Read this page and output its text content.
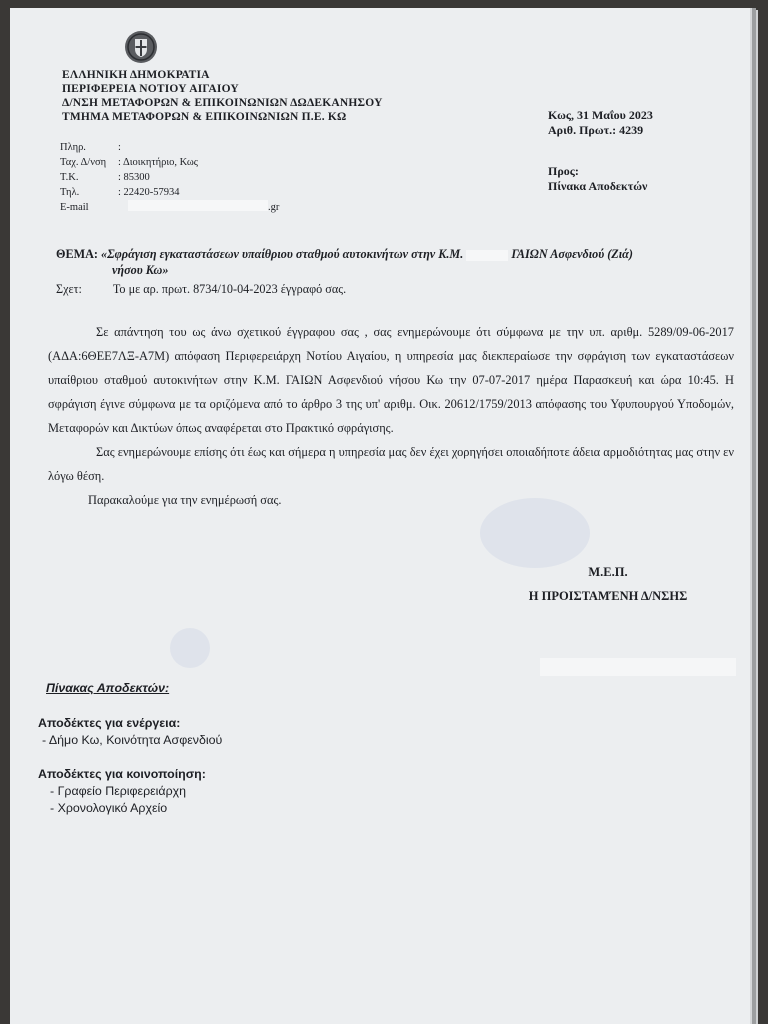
ΕΛΛΗΝΙΚΗ ΔΗΜΟΚΡΑΤΙΑ
ΠΕΡΙΦΕΡΕΙΑ ΝΟΤΙΟΥ ΑΙΓΑΙΟΥ
Δ/ΝΣΗ ΜΕΤΑΦΟΡΩΝ & ΕΠΙΚΟΙΝΩΝΙΩΝ ΔΩΔΕΚΑΝΗΣΟΥ
ΤΜΗΜΑ ΜΕΤΑΦΟΡΩΝ & ΕΠΙΚΟΙΝΩΝΙΩΝ Π.Ε. ΚΩ	Κως, 31 Μαΐου 2023
Αριθ. Πρωτ.: 4239
Προς:
Πίνακα Αποδεκτών
Πληρ.	:
Ταχ. Δ/νση	: Διοικητήριο, Κως
Τ.Κ.	: 85300
Τηλ.	: 22420-57934
E-mail	.gr
ΘΕΜΑ: «Σφράγιση εγκαταστάσεων υπαίθριου σταθμού αυτοκινήτων στην Κ.Μ.	ΓΑΙΩΝ Ασφενδιού (Ζιά)
νήσου Κω»
Σχετ:	Το με αρ. πρωτ. 8734/10-04-2023 έγγραφό σας.

Σε απάντηση του ως άνω σχετικού έγγραφου σας , σας ενημερώνουμε ότι σύμφωνα με την υπ. αριθμ. 5289/09-06-2017 (ΑΔΑ:6ΘΕΕ7ΛΞ-Α7Μ) απόφαση Περιφερειάρχη Νοτίου Αιγαίου, η υπηρεσία μας διεκπεραίωσε την σφράγιση των εγκαταστάσεων υπαίθριου σταθμού αυτοκινήτων στην Κ.Μ. ΓΑΙΩΝ Ασφενδιού νήσου Κω την 07-07-2017 ημέρα Παρασκευή και ώρα 10:45. Η σφράγιση έγινε σύμφωνα με τα οριζόμενα από το άρθρο 3 της υπ' αριθμ. Οικ. 20612/1759/2013 απόφασης του Υφυπουργού Υποδομών, Μεταφορών και Δικτύων όπως αναφέρεται στο Πρακτικό σφράγισης.

Σας ενημερώνουμε επίσης ότι έως και σήμερα η υπηρεσία μας δεν έχει χορηγήσει οποιαδήποτε άδεια αρμοδιότητας μας στην εν λόγω θέση.

Παρακαλούμε για την ενημέρωσή σας.

Μ.Ε.Π.
Η ΠΡΟΙΣΤΑΜΈΝΗ Δ/ΝΣΗΣ
Πίνακας Αποδεκτών:
Αποδέκτες για ενέργεια:
- Δήμο Κω, Κοινότητα Ασφενδιού
Αποδέκτες για κοινοποίηση:
- Γραφείο Περιφερειάρχη
- Χρονολογικό Αρχείο
